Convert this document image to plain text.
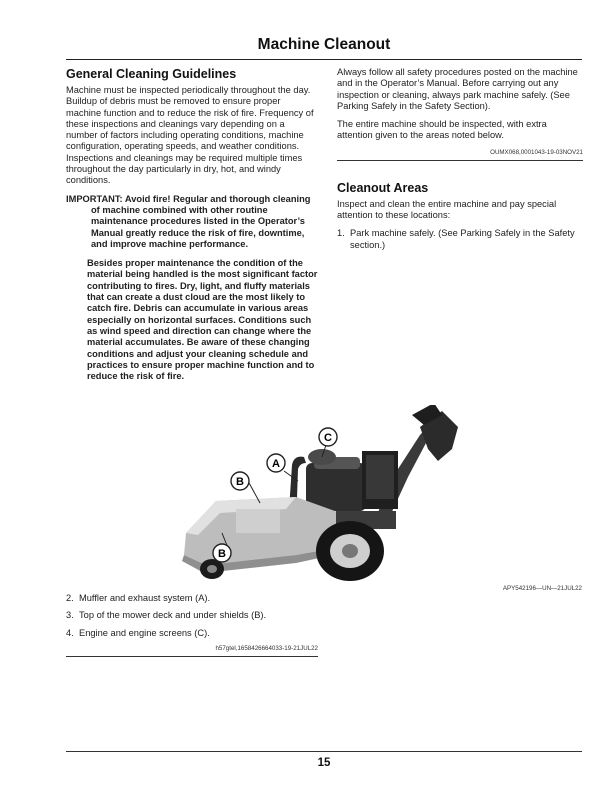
Machine Cleanout
General Cleaning Guidelines

Machine must be inspected periodically throughout the day. Buildup of debris must be removed to ensure proper machine function and to reduce the risk of fire. Frequency of these inspections and cleanings vary depending on a number of factors including operating conditions, machine configuration, operating speeds, and weather conditions. Inspections and cleanings may be required multiple times throughout the day particularly in dry, hot, and windy conditions.

IMPORTANT: Avoid fire! Regular and thorough cleaning of machine combined with other routine maintenance procedures listed in the Operator’s Manual greatly reduce the risk of fire, downtime, and improve machine performance.

Besides proper maintenance the condition of the material being handled is the most significant factor contributing to fires. Dry, light, and fluffy materials that can create a dust cloud are the most likely to catch fire. Debris can accumulate in various areas especially on horizontal surfaces. Conditions such as wind speed and direction can change where the material accumulates. Be aware of these changing conditions and adjust your cleaning schedule and practices to ensure proper machine function and to reduce the risk of fire.

Always follow all safety procedures posted on the machine and in the Operator’s Manual. Before carrying out any inspection or cleaning, always park machine safely. (See Parking Safely in the Safety Section).

The entire machine should be inspected, with extra attention given to the areas noted below.

OUMX068,0001043-19-03NOV21
Cleanout Areas

Inspect and clean the entire machine and pay special attention to these locations:

1. Park machine safely. (See Parking Safely in the Safety section.)
A
B
B
C
APY542196—UN—21JUL22
2. Muffler and exhaust system (A).
3. Top of the mower deck and under shields (B).
4. Engine and engine screens (C).
h57gtel,1658426664033-19-21JUL22
15
